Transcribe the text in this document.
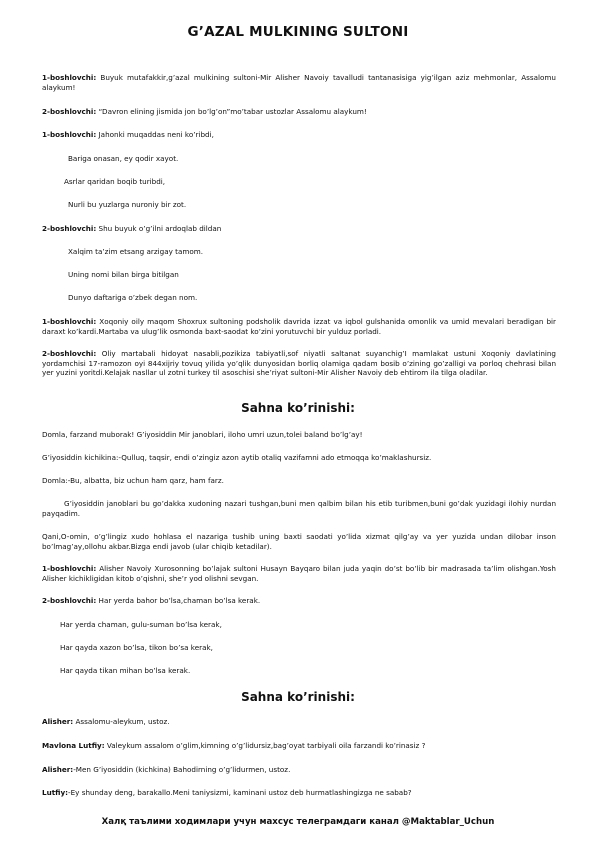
G’AZAL MULKINING SULTONI
1-boshlovchi: Buyuk mutafakkir,g’azal mulkining sultoni-Mir Alisher Navoiy tavalludi tantanasisiga yig’ilgan aziz mehmonlar, Assalomu alaykum!
2-boshlovchi: “Davron elining jismida jon bo’lg’on”mo’tabar ustozlar Assalomu alaykum!
1-boshlovchi: Jahonki muqaddas neni ko’ribdi,
Bariga onasan, ey qodir xayot.
Asrlar qaridan boqib turibdi,
Nurli bu yuzlarga nuroniy bir zot.
2-boshlovchi: Shu buyuk o’g’ilni ardoqlab dildan
Xalqim ta’zim etsang arzigay tamom.
Uning nomi bilan birga bitilgan
Dunyo daftariga o’zbek degan nom.
1-boshlovchi: Xoqoniy oily maqom Shoxrux sultoning podsholik davrida izzat va iqbol gulshanida omonlik va umid mevalari beradigan bir daraxt ko’kardi.Martaba va ulug’lik osmonda baxt-saodat ko’zini yorutuvchi bir yulduz porladi.
2-boshlovchi: Oliy martabali hidoyat nasabli,pozikiza tabiyatli,sof niyatli saltanat suyanchig’I mamlakat ustuni Xoqoniy davlatining yordamchisi 17-ramozon oyi 844xijriy tovuq yilida yo’qlik dunyosidan borliq olamiga qadam bosib o’zining go’zalligi va porloq chehrasi bilan yer yuzini yoritdi.Kelajak nasllar ul zotni turkey til asoschisi she’riyat sultoni-Mir Alisher Navoiy deb ehtirom ila tilga oladilar.
Sahna ko’rinishi:
Domla, farzand muborak! G’iyosiddin Mir janoblari, iloho umri uzun,tolei baland bo’lg’ay!
G’iyosiddin kichikina:-Qulluq, taqsir, endi o’zingiz azon aytib otaliq vazifamni ado etmoqqa ko’maklashursiz.
Domla:-Bu, albatta, biz uchun ham qarz, ham farz.
G’iyosiddin janoblari bu go’dakka xudoning nazari tushgan,buni men qalbim bilan his etib turibmen,buni go’dak yuzidagi ilohiy nurdan payqadim.
Qani,O-omin, o’g’lingiz xudo hohlasa el nazariga tushib uning baxti saodati yo’lida xizmat qilg’ay va yer yuzida undan dilobar inson bo’lmag’ay,ollohu akbar.Bizga endi javob (ular chiqib ketadilar).
1-boshlovchi: Alisher Navoiy Xurosonning bo’lajak sultoni Husayn Bayqaro bilan juda yaqin do’st bo’lib bir madrasada ta’lim olishgan.Yosh Alisher kichikligidan kitob o’qishni, she’r yod olishni sevgan.
2-boshlovchi: Har yerda bahor bo’lsa,chaman bo’lsa kerak.
Har yerda chaman, gulu-suman bo’lsa kerak,
Har qayda xazon bo’lsa, tikon bo’sa kerak,
Har qayda tikan mihan bo’lsa kerak.
Sahna ko’rinishi:
Alisher: Assalomu-aleykum, ustoz.
Mavlona Lutfiy: Valeykum assalom o’glim,kimning o’g’lidursiz,bag’oyat tarbiyali oila farzandi ko’rinasiz ?
Alisher:-Men G’iyosiddin (kichkina) Bahodirning o’g’lidurmen, ustoz.
Lutfiy:-Ey shunday deng, barakallo.Meni taniysizmi, kaminani ustoz deb hurmatlashingizga ne sabab?
Халқ таълими ходимлари учун махсус телеграмдаги канал @Maktablar_Uchun
